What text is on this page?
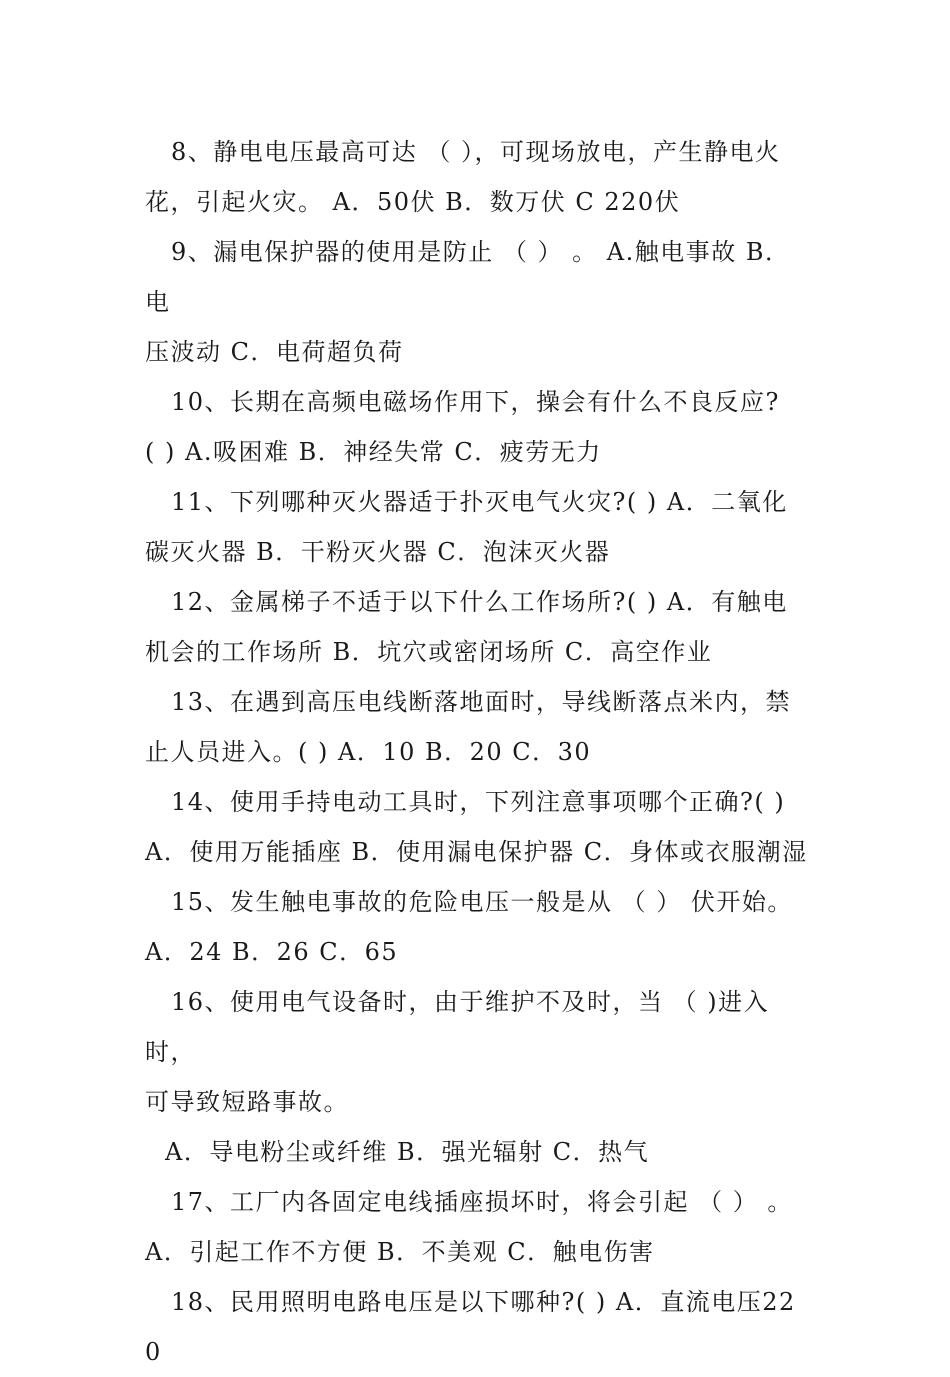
8、静电电压最高可达 （ ），可现场放电，产生静电火
花，引起火灾。 A．50伏 B．数万伏 C 220伏
9、漏电保护器的使用是防止 （ ） 。 A.触电事故 B．电
压波动 C．电荷超负荷
10、长期在高频电磁场作用下，操会有什么不良反应?
( ) A.吸困难 B．神经失常 C．疲劳无力
11、下列哪种灭火器适于扑灭电气火灾?( ) A．二氧化
碳灭火器 B．干粉灭火器 C．泡沫灭火器
12、金属梯子不适于以下什么工作场所?( ) A．有触电
机会的工作场所 B．坑穴或密闭场所 C．高空作业
13、在遇到高压电线断落地面时，导线断落点米内，禁
止人员进入。( ) A．10 B．20 C．30
14、使用手持电动工具时，下列注意事项哪个正确?( )
A．使用万能插座 B．使用漏电保护器 C．身体或衣服潮湿
15、发生触电事故的危险电压一般是从 （ ） 伏开始。
A．24 B．26 C．65
16、使用电气设备时，由于维护不及时，当 （ )进入时，
可导致短路事故。
A．导电粉尘或纤维 B．强光辐射 C．热气
17、工厂内各固定电线插座损坏时，将会引起 （ ） 。
A．引起工作不方便 B．不美观 C．触电伤害
18、民用照明电路电压是以下哪种?( ) A．直流电压220
